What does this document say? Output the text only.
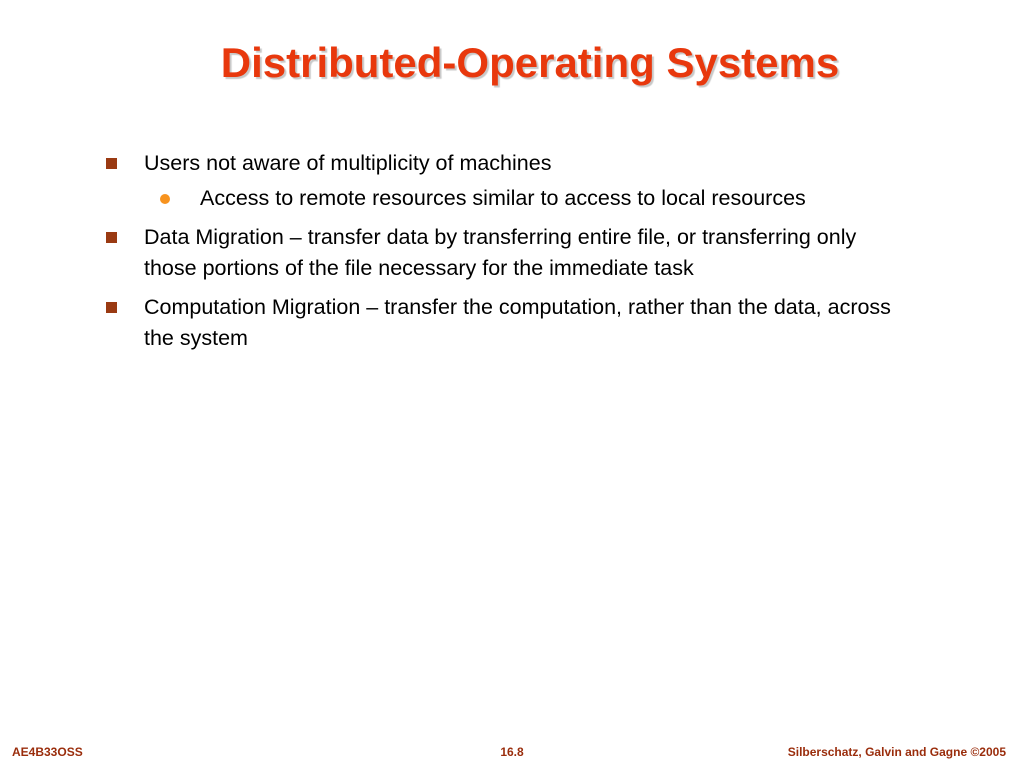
Distributed-Operating Systems
Users not aware of multiplicity of machines
Access to remote resources similar to access to local resources
Data Migration – transfer data by transferring entire file, or transferring only those portions of the file necessary for the immediate task
Computation Migration – transfer the computation, rather than the data, across the system
AE4B33OSS	16.8	Silberschatz, Galvin and Gagne ©2005
